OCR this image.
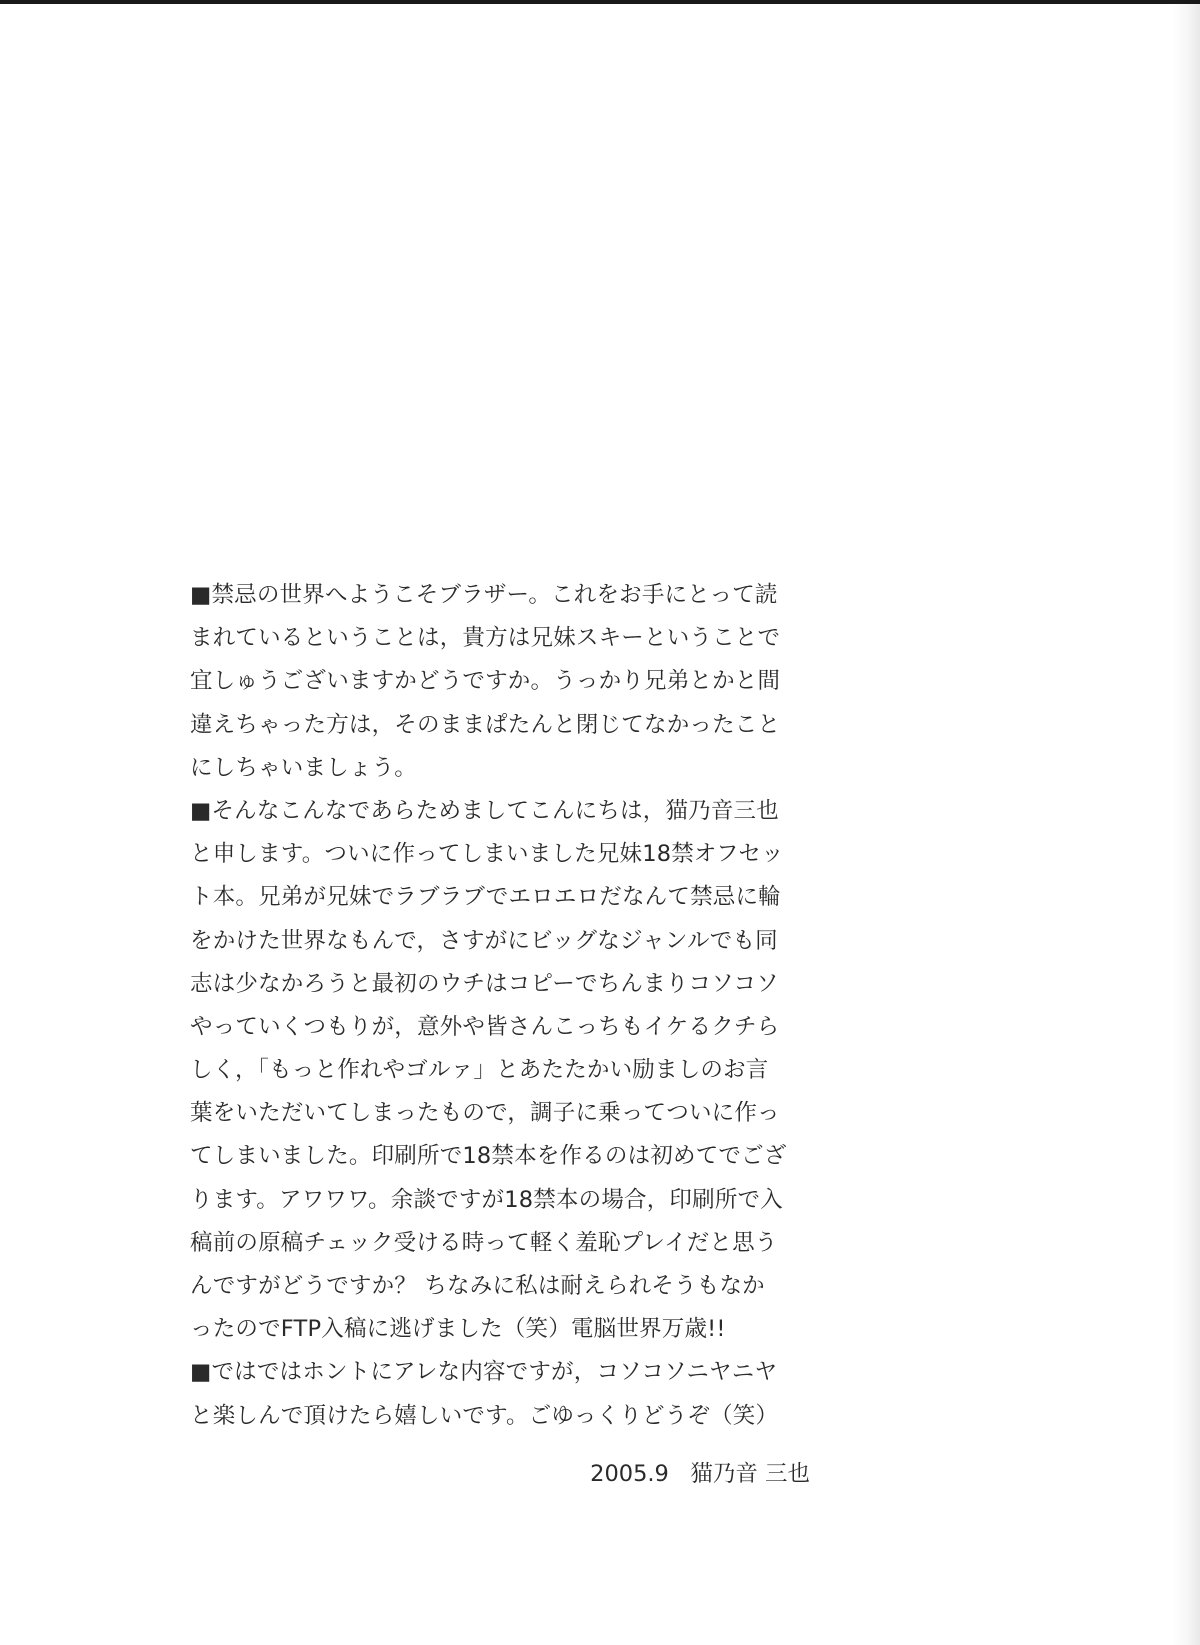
■禁忌の世界へようこそブラザー。これをお手にとって読
まれているということは，貴方は兄妹スキーということで
宜しゅうございますかどうですか。うっかり兄弟とかと間
違えちゃった方は，そのままぱたんと閉じてなかったこと
にしちゃいましょう。
■そんなこんなであらためましてこんにちは，猫乃音三也
と申します。ついに作ってしまいました兄妹18禁オフセッ
ト本。兄弟が兄妹でラブラブでエロエロだなんて禁忌に輪
をかけた世界なもんで，さすがにビッグなジャンルでも同
志は少なかろうと最初のウチはコピーでちんまりコソコソ
やっていくつもりが，意外や皆さんこっちもイケるクチら
しく，「もっと作れやゴルァ」とあたたかい励ましのお言
葉をいただいてしまったもので，調子に乗ってついに作っ
てしまいました。印刷所で18禁本を作るのは初めてでござ
ります。アワワワ。余談ですが18禁本の場合，印刷所で入
稿前の原稿チェック受ける時って軽く羞恥プレイだと思う
んですがどうですか？ ちなみに私は耐えられそうもなか
ったのでFTP入稿に逃げました（笑）電脳世界万歳!!
■ではではホントにアレな内容ですが，コソコソニヤニヤ
と楽しんで頂けたら嬉しいです。ごゆっくりどうぞ（笑）
2005.9 猫乃音 三也
